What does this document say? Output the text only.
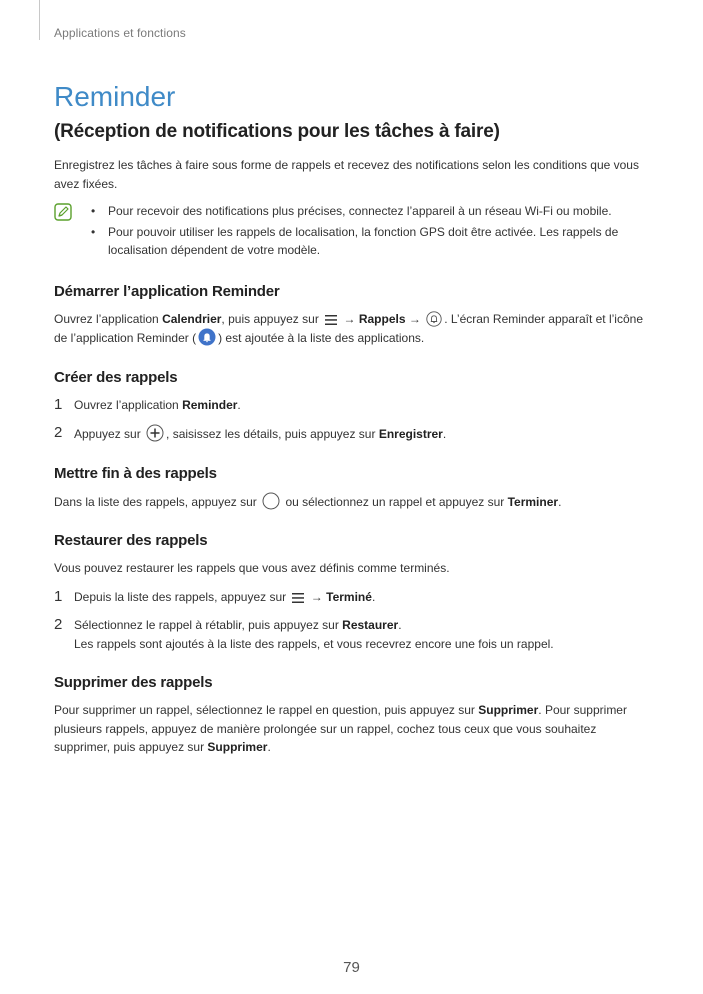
Applications et fonctions
Reminder
(Réception de notifications pour les tâches à faire)

Enregistrez les tâches à faire sous forme de rappels et recevez des notifications selon les conditions que vous avez fixées.

• Pour recevoir des notifications plus précises, connectez l’appareil à un réseau Wi-Fi ou mobile.
• Pour pouvoir utiliser les rappels de localisation, la fonction GPS doit être activée. Les rappels de localisation dépendent de votre modèle.
Démarrer l’application Reminder

Ouvrez l’application Calendrier, puis appuyez sur  → Rappels → . L’écran Reminder apparaît et l’icône de l’application Reminder ( ) est ajoutée à la liste des applications.

Créer des rappels
1 Ouvrez l’application Reminder.
2 Appuyez sur , saisissez les détails, puis appuyez sur Enregistrer.
Mettre fin à des rappels

Dans la liste des rappels, appuyez sur  ou sélectionnez un rappel et appuyez sur Terminer.

Restaurer des rappels

Vous pouvez restaurer les rappels que vous avez définis comme terminés.

1 Depuis la liste des rappels, appuyez sur  → Terminé.
2 Sélectionnez le rappel à rétablir, puis appuyez sur Restaurer.
Les rappels sont ajoutés à la liste des rappels, et vous recevrez encore une fois un rappel.
Supprimer des rappels

Pour supprimer un rappel, sélectionnez le rappel en question, puis appuyez sur Supprimer. Pour supprimer plusieurs rappels, appuyez de manière prolongée sur un rappel, cochez tous ceux que vous souhaitez supprimer, puis appuyez sur Supprimer.

79
